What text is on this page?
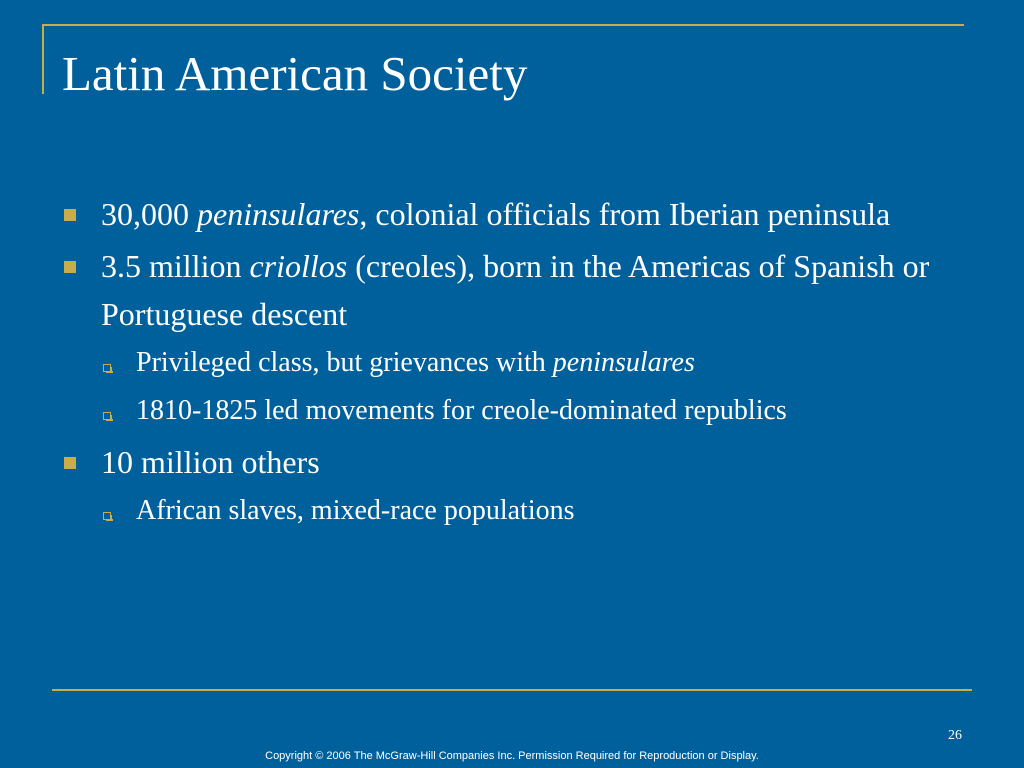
Latin American Society
30,000 peninsulares, colonial officials from Iberian peninsula
3.5 million criollos (creoles), born in the Americas of Spanish or Portuguese descent
Privileged class, but grievances with peninsulares
1810-1825 led movements for creole-dominated republics
10 million others
African slaves, mixed-race populations
26
Copyright © 2006 The McGraw-Hill Companies Inc. Permission Required for Reproduction or Display.
